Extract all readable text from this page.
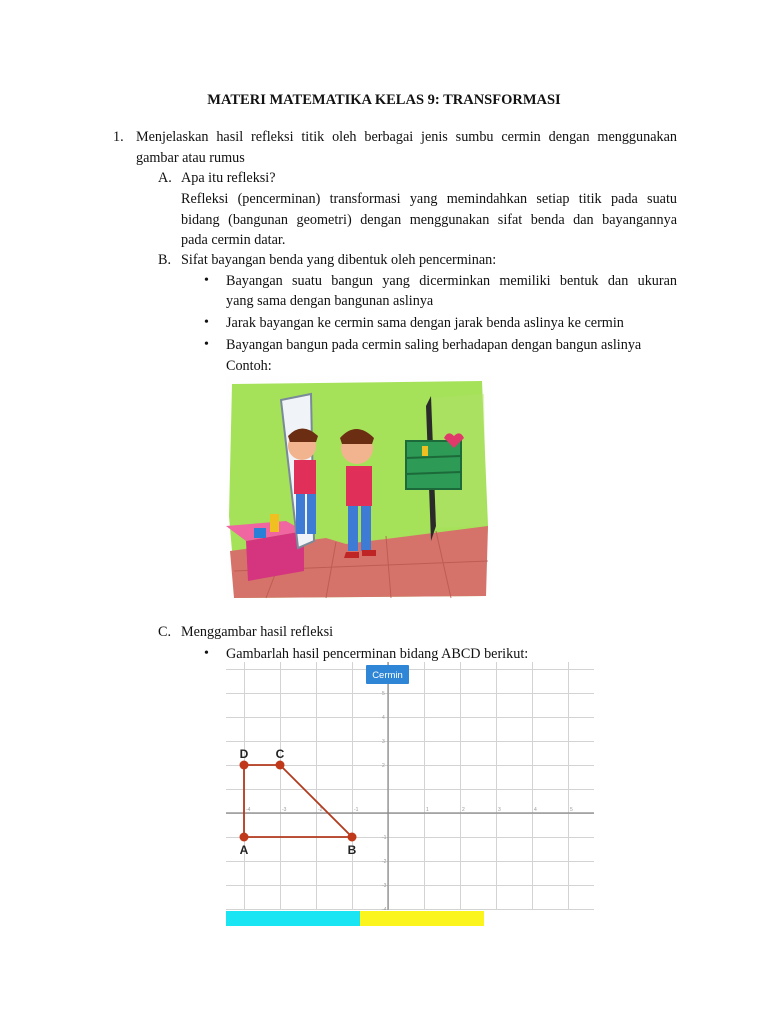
MATERI MATEMATIKA KELAS 9: TRANSFORMASI
1. Menjelaskan hasil refleksi titik oleh berbagai jenis sumbu cermin dengan menggunakan
gambar atau rumus
A. Apa itu refleksi?
Refleksi (pencerminan) transformasi yang memindahkan setiap titik pada suatu
bidang (bangunan geometri) dengan menggunakan sifat benda dan bayangannya
pada cermin datar.
B. Sifat bayangan benda yang dibentuk oleh pencerminan:
• Bayangan suatu bangun yang dicerminkan memiliki bentuk dan ukuran
yang sama dengan bangunan aslinya
• Jarak bayangan ke cermin sama dengan jarak benda aslinya ke cermin
• Bayangan bangun pada cermin saling berhadapan dengan bangun aslinya
Contoh:
C. Menggambar hasil refleksi
• Gambarlah hasil pencerminan bidang ABCD berikut:
-4	-3	-2	-1	1	2	3	4	5
5
4
3
2
-1
-2
-3
-4
Cermin
A	B
C
D
